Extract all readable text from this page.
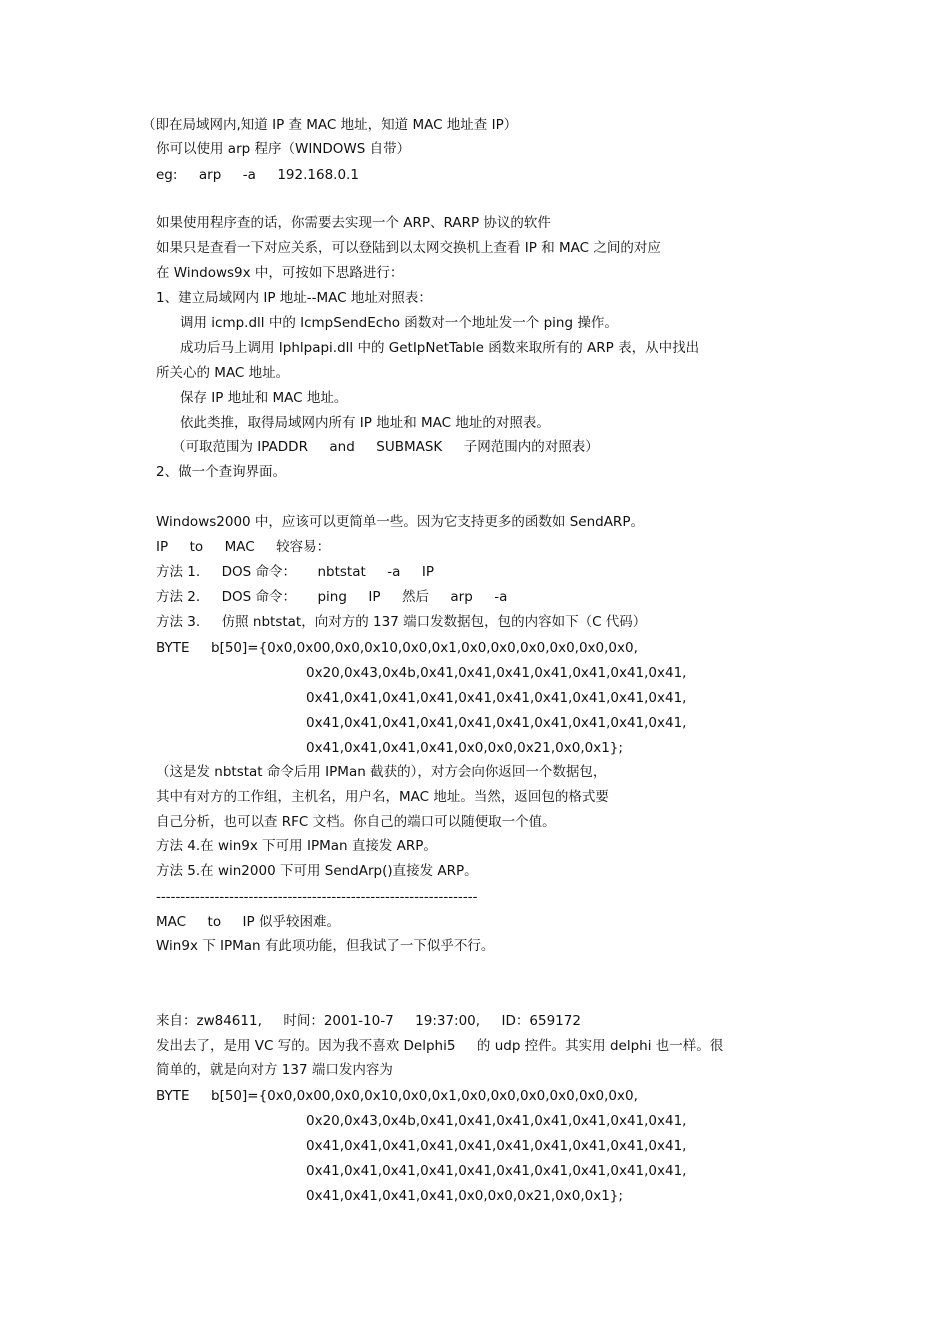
（即在局域网内,知道 IP 查 MAC 地址，知道 MAC 地址查 IP）
你可以使用 arp 程序（WINDOWS 自带）
eg:     arp     -a     192.168.0.1
如果使用程序查的话，你需要去实现一个 ARP、RARP 协议的软件
如果只是查看一下对应关系，可以登陆到以太网交换机上查看 IP 和 MAC 之间的对应
在 Windows9x 中，可按如下思路进行：
1、建立局域网内 IP 地址--MAC 地址对照表：
调用 icmp.dll 中的 IcmpSendEcho 函数对一个地址发一个 ping 操作。
成功后马上调用 Iphlpapi.dll 中的 GetIpNetTable 函数来取所有的 ARP 表，从中找出
所关心的 MAC 地址。
保存 IP 地址和 MAC 地址。
依此类推，取得局域网内所有 IP 地址和 MAC 地址的对照表。
（可取范围为 IPADDR     and     SUBMASK     子网范围内的对照表）
2、做一个查询界面。
Windows2000 中，应该可以更简单一些。因为它支持更多的函数如 SendARP。
IP     to     MAC     较容易：
方法 1.     DOS 命令：     nbtstat     -a     IP
方法 2.     DOS 命令：     ping     IP     然后     arp     -a
方法 3.     仿照 nbtstat，向对方的 137 端口发数据包，包的内容如下（C 代码）
BYTE     b[50]={0x0,0x00,0x0,0x10,0x0,0x1,0x0,0x0,0x0,0x0,0x0,0x0,
0x20,0x43,0x4b,0x41,0x41,0x41,0x41,0x41,0x41,0x41,
0x41,0x41,0x41,0x41,0x41,0x41,0x41,0x41,0x41,0x41,
0x41,0x41,0x41,0x41,0x41,0x41,0x41,0x41,0x41,0x41,
0x41,0x41,0x41,0x41,0x0,0x0,0x21,0x0,0x1};
（这是发 nbtstat 命令后用 IPMan 截获的），对方会向你返回一个数据包，
其中有对方的工作组，主机名，用户名，MAC 地址。当然，返回包的格式要
自己分析，也可以查 RFC 文档。你自己的端口可以随便取一个值。
方法 4.在 win9x 下可用 IPMan 直接发 ARP。
方法 5.在 win2000 下可用 SendArp()直接发 ARP。
------------------------------------------------------------------
MAC     to     IP 似乎较困难。
Win9x 下 IPMan 有此项功能，但我试了一下似乎不行。
来自：zw84611,     时间：2001-10-7     19:37:00,     ID：659172
发出去了，是用 VC 写的。因为我不喜欢 Delphi5     的 udp 控件。其实用 delphi 也一样。很
简单的，就是向对方 137 端口发内容为
BYTE     b[50]={0x0,0x00,0x0,0x10,0x0,0x1,0x0,0x0,0x0,0x0,0x0,0x0,
0x20,0x43,0x4b,0x41,0x41,0x41,0x41,0x41,0x41,0x41,
0x41,0x41,0x41,0x41,0x41,0x41,0x41,0x41,0x41,0x41,
0x41,0x41,0x41,0x41,0x41,0x41,0x41,0x41,0x41,0x41,
0x41,0x41,0x41,0x41,0x0,0x0,0x21,0x0,0x1};
